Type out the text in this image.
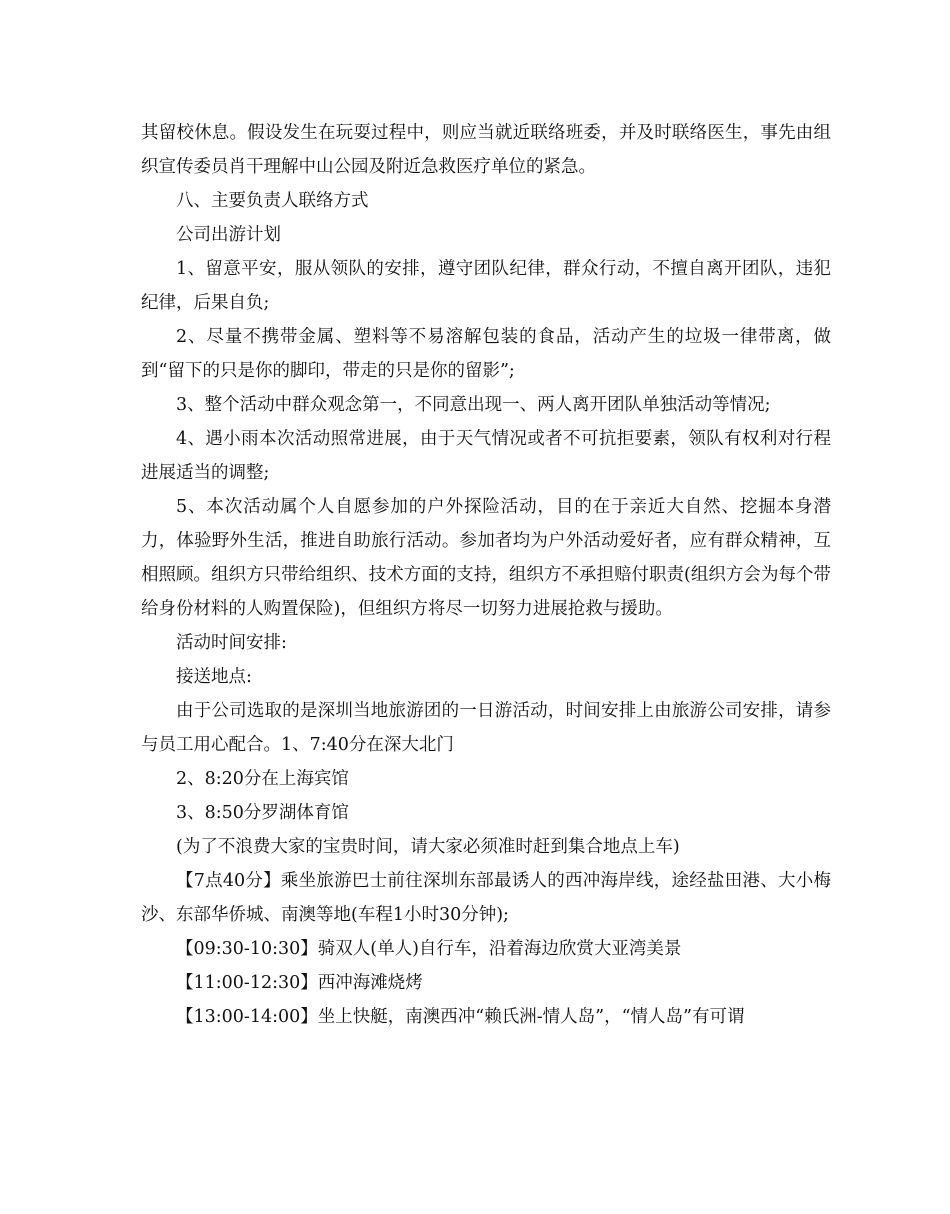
其留校休息。假设发生在玩耍过程中，则应当就近联络班委，并及时联络医生，事先由组织宣传委员肖干理解中山公园及附近急救医疗单位的紧急。

八、主要负责人联络方式

公司出游计划

1、留意平安，服从领队的安排，遵守团队纪律，群众行动，不擅自离开团队，违犯纪律，后果自负;

2、尽量不携带金属、塑料等不易溶解包装的食品，活动产生的垃圾一律带离，做到“留下的只是你的脚印，带走的只是你的留影”;

3、整个活动中群众观念第一，不同意出现一、两人离开团队单独活动等情况;

4、遇小雨本次活动照常进展，由于天气情况或者不可抗拒要素，领队有权利对行程进展适当的调整;

5、本次活动属个人自愿参加的户外探险活动，目的在于亲近大自然、挖掘本身潜力，体验野外生活，推进自助旅行活动。参加者均为户外活动爱好者，应有群众精神，互相照顾。组织方只带给组织、技术方面的支持，组织方不承担赔付职责(组织方会为每个带给身份材料的人购置保险)，但组织方将尽一切努力进展抢救与援助。

活动时间安排:

接送地点:

由于公司选取的是深圳当地旅游团的一日游活动，时间安排上由旅游公司安排，请参与员工用心配合。1、7:40分在深大北门

2、8:20分在上海宾馆

3、8:50分罗湖体育馆

(为了不浪费大家的宝贵时间，请大家必须准时赶到集合地点上车)

【7点40分】乘坐旅游巴士前往深圳东部最诱人的西冲海岸线，途经盐田港、大小梅沙、东部华侨城、南澳等地(车程1小时30分钟);

【09:30-10:30】骑双人(单人)自行车，沿着海边欣赏大亚湾美景

【11:00-12:30】西冲海滩烧烤

【13:00-14:00】坐上快艇，南澳西冲“赖氏洲-情人岛”，“情人岛”有可谓
